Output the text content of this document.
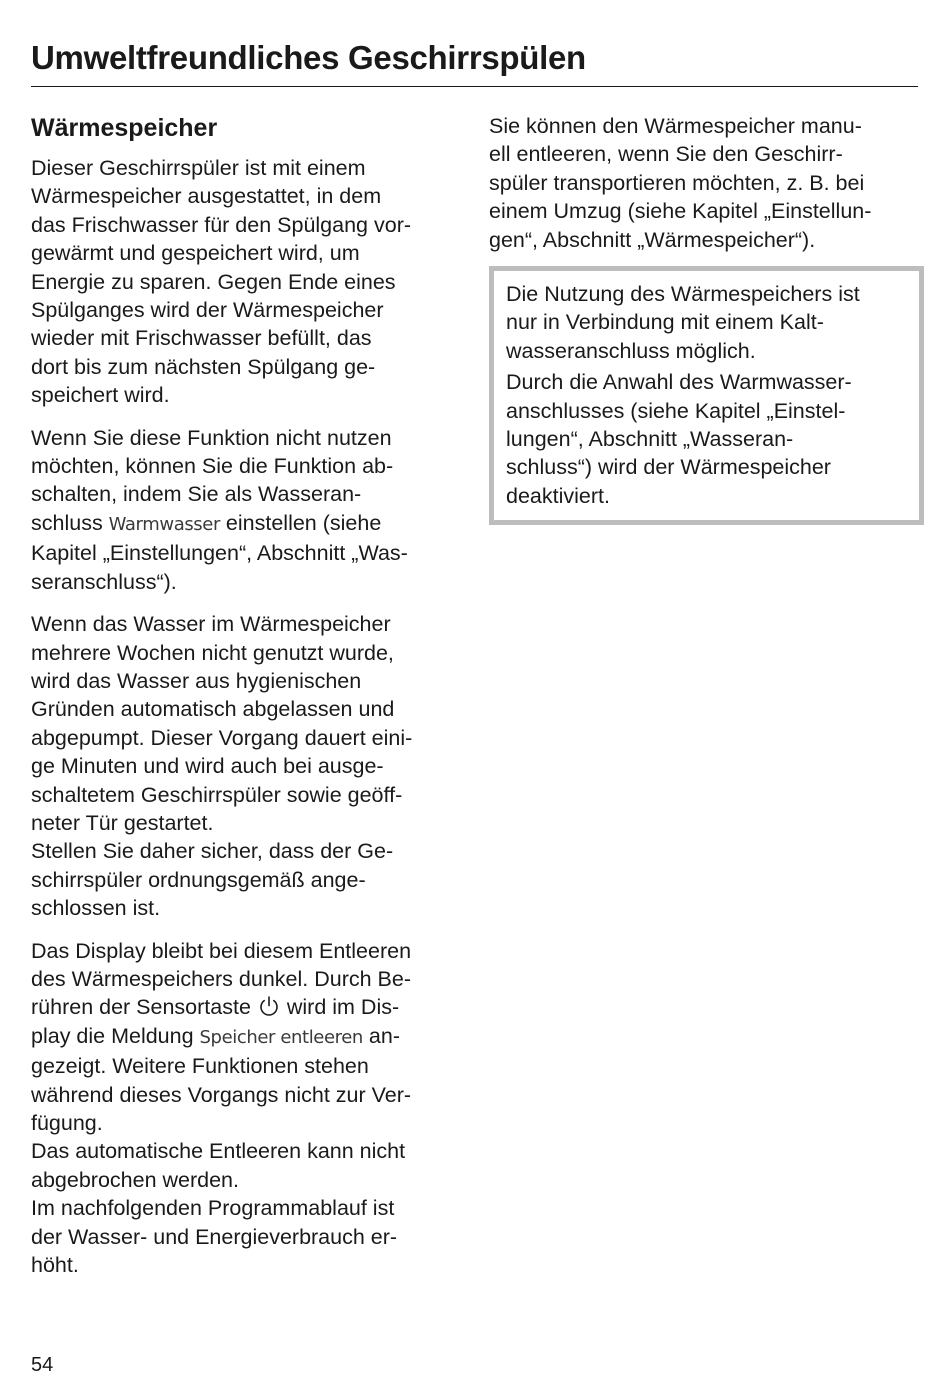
Umweltfreundliches Geschirrspülen
Wärmespeicher

Dieser Geschirrspüler ist mit einem
Wärmespeicher ausgestattet, in dem
das Frischwasser für den Spülgang vor-
gewärmt und gespeichert wird, um
Energie zu sparen. Gegen Ende eines
Spülganges wird der Wärmespeicher
wieder mit Frischwasser befüllt, das
dort bis zum nächsten Spülgang ge-
speichert wird.

Wenn Sie diese Funktion nicht nutzen
möchten, können Sie die Funktion ab-
schalten, indem Sie als Wasseran-
schluss Warmwasser einstellen (siehe
Kapitel „Einstellungen“, Abschnitt „Was-
seranschluss“).

Wenn das Wasser im Wärmespeicher
mehrere Wochen nicht genutzt wurde,
wird das Wasser aus hygienischen
Gründen automatisch abgelassen und
abgepumpt. Dieser Vorgang dauert eini-
ge Minuten und wird auch bei ausge-
schaltetem Geschirrspüler sowie geöff-
neter Tür gestartet.
Stellen Sie daher sicher, dass der Ge-
schirrspüler ordnungsgemäß ange-
schlossen ist.

Das Display bleibt bei diesem Entleeren
des Wärmespeichers dunkel. Durch Be-
rühren der Sensortaste  wird im Dis-
play die Meldung Speicher entleeren an-
gezeigt. Weitere Funktionen stehen
während dieses Vorgangs nicht zur Ver-
fügung.
Das automatische Entleeren kann nicht
abgebrochen werden.
Im nachfolgenden Programmablauf ist
der Wasser- und Energieverbrauch er-
höht.

Sie können den Wärmespeicher manu-
ell entleeren, wenn Sie den Geschirr-
spüler transportieren möchten, z. B. bei
einem Umzug (siehe Kapitel „Einstellun-
gen“, Abschnitt „Wärmespeicher“).

Die Nutzung des Wärmespeichers ist
nur in Verbindung mit einem Kalt-
wasseranschluss möglich.

Durch die Anwahl des Warmwasser-
anschlusses (siehe Kapitel „Einstel-
lungen“, Abschnitt „Wasseran-
schluss“) wird der Wärmespeicher
deaktiviert.

54
